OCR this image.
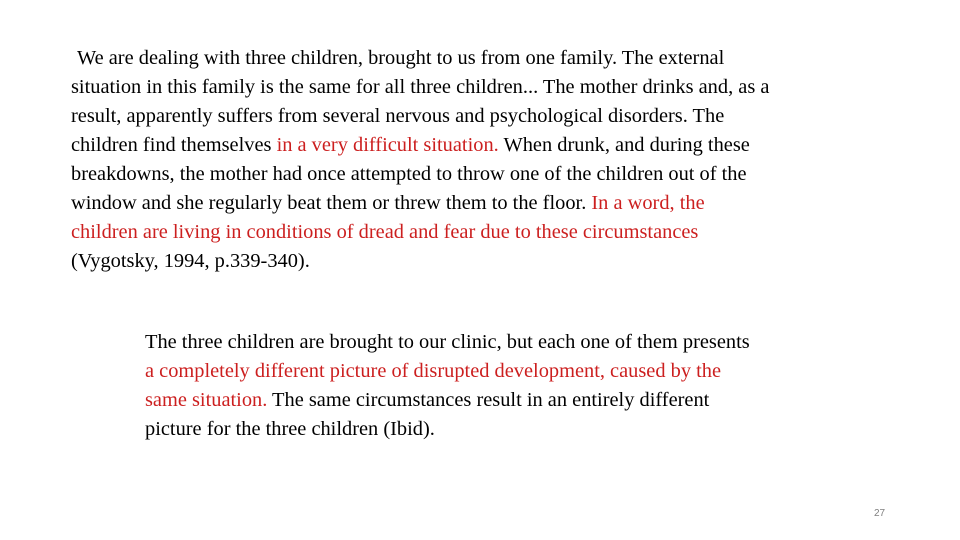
We are dealing with three children, brought to us from one family. The external
situation in this family is the same for all three children... The mother drinks and, as a
result, apparently suffers from several nervous and psychological disorders. The
children find themselves in a very difficult situation. When drunk, and during these
breakdowns, the mother had once attempted to throw one of the children out of the
window and she regularly beat them or threw them to the floor. In a word, the
children are living in conditions of dread and fear due to these circumstances
(Vygotsky, 1994, p.339-340).

The three children are brought to our clinic, but each one of them presents
a completely different picture of disrupted development, caused by the
same situation. The same circumstances result in an entirely different
picture for the three children (Ibid).

27
